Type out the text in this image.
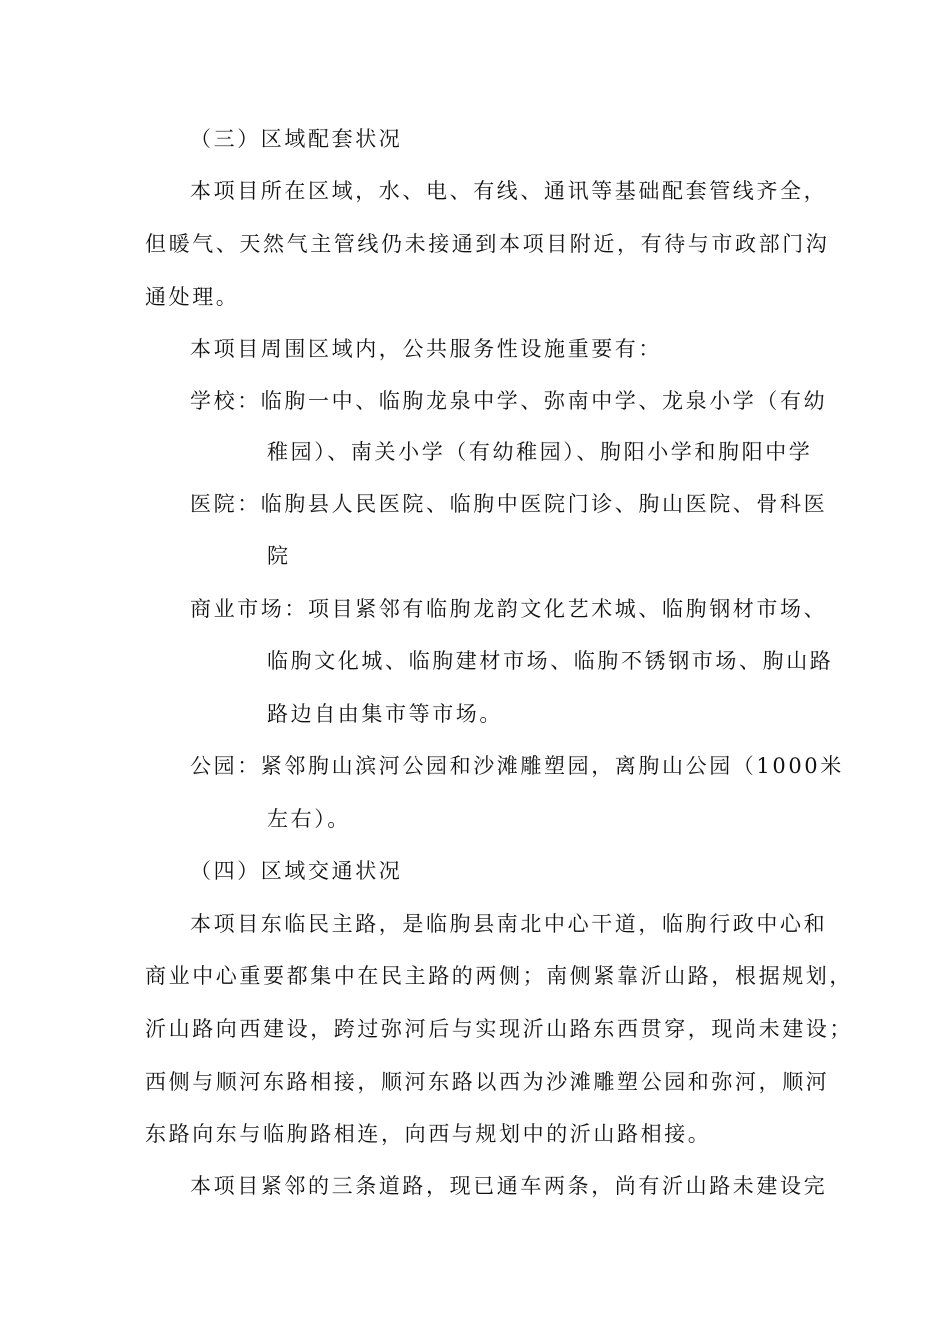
（三）区域配套状况
本项目所在区域，水、电、有线、通讯等基础配套管线齐全，
但暖气、天然气主管线仍未接通到本项目附近，有待与市政部门沟
通处理。
本项目周围区域内，公共服务性设施重要有：
学校：临朐一中、临朐龙泉中学、弥南中学、龙泉小学（有幼
稚园）、南关小学（有幼稚园）、朐阳小学和朐阳中学
医院：临朐县人民医院、临朐中医院门诊、朐山医院、骨科医
院
商业市场：项目紧邻有临朐龙韵文化艺术城、临朐钢材市场、
临朐文化城、临朐建材市场、临朐不锈钢市场、朐山路
路边自由集市等市场。
公园：紧邻朐山滨河公园和沙滩雕塑园，离朐山公园（1000米
左右）。
（四）区域交通状况
本项目东临民主路，是临朐县南北中心干道，临朐行政中心和
商业中心重要都集中在民主路的两侧；南侧紧靠沂山路，根据规划，
沂山路向西建设，跨过弥河后与实现沂山路东西贯穿，现尚未建设；
西侧与顺河东路相接，顺河东路以西为沙滩雕塑公园和弥河，顺河
东路向东与临朐路相连，向西与规划中的沂山路相接。
本项目紧邻的三条道路，现已通车两条，尚有沂山路未建设完
